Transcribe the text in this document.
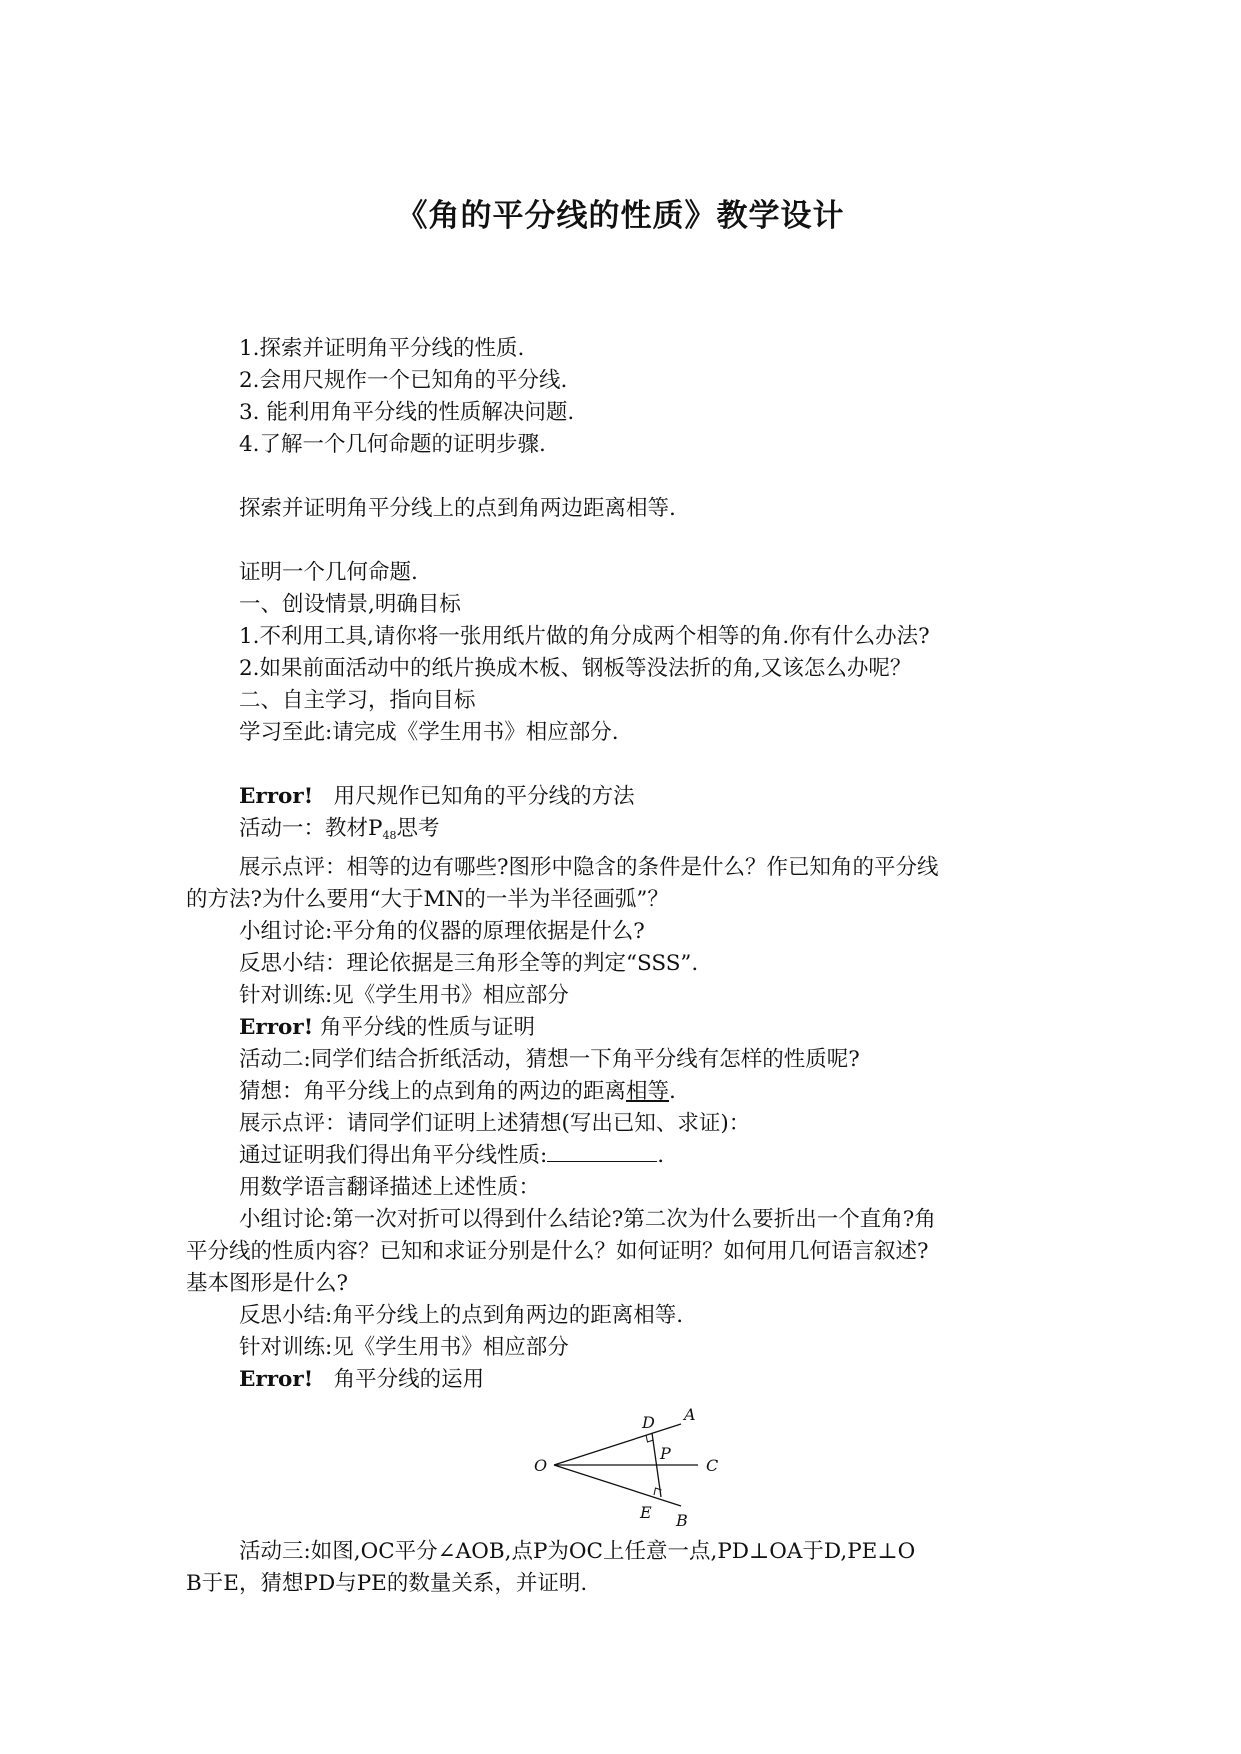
《角的平分线的性质》教学设计

1.探索并证明角平分线的性质.

2.会用尺规作一个已知角的平分线.

3. 能利用角平分线的性质解决问题.

4.了解一个几何命题的证明步骤.

探索并证明角平分线上的点到角两边距离相等.

证明一个几何命题.

一、创设情景,明确目标

1.不利用工具,请你将一张用纸片做的角分成两个相等的角.你有什么办法?

2.如果前面活动中的纸片换成木板、钢板等没法折的角,又该怎么办呢？

二、自主学习，指向目标

学习至此:请完成《学生用书》相应部分.

Error! 用尺规作已知角的平分线的方法

活动一：教材$P_{48}$思考

展示点评：相等的边有哪些?图形中隐含的条件是什么？作已知角的平分线

的方法?为什么要用“大于MN的一半为半径画弧”？

小组讨论:平分角的仪器的原理依据是什么?

反思小结：理论依据是三角形全等的判定“SSS”.

针对训练:见《学生用书》相应部分

Error! 角平分线的性质与证明

活动二:同学们结合折纸活动，猜想一下角平分线有怎样的性质呢?

猜想：角平分线上的点到角的两边的距离相等.

展示点评：请同学们证明上述猜想(写出已知、求证)：

通过证明我们得出角平分线性质:	.

用数学语言翻译描述上述性质：

小组讨论:第一次对折可以得到什么结论?第二次为什么要折出一个直角?角

平分线的性质内容？已知和求证分别是什么？如何证明？如何用几何语言叙述?

基本图形是什么?

反思小结:角平分线上的点到角两边的距离相等.

针对训练:见《学生用书》相应部分

Error! 角平分线的运用

O
A
B
C
D
E
P

活动三:如图,OC平分∠AOB,点P为OC上任意一点,PD⊥OA于D,PE⊥O

B于E，猜想PD与PE的数量关系，并证明.
